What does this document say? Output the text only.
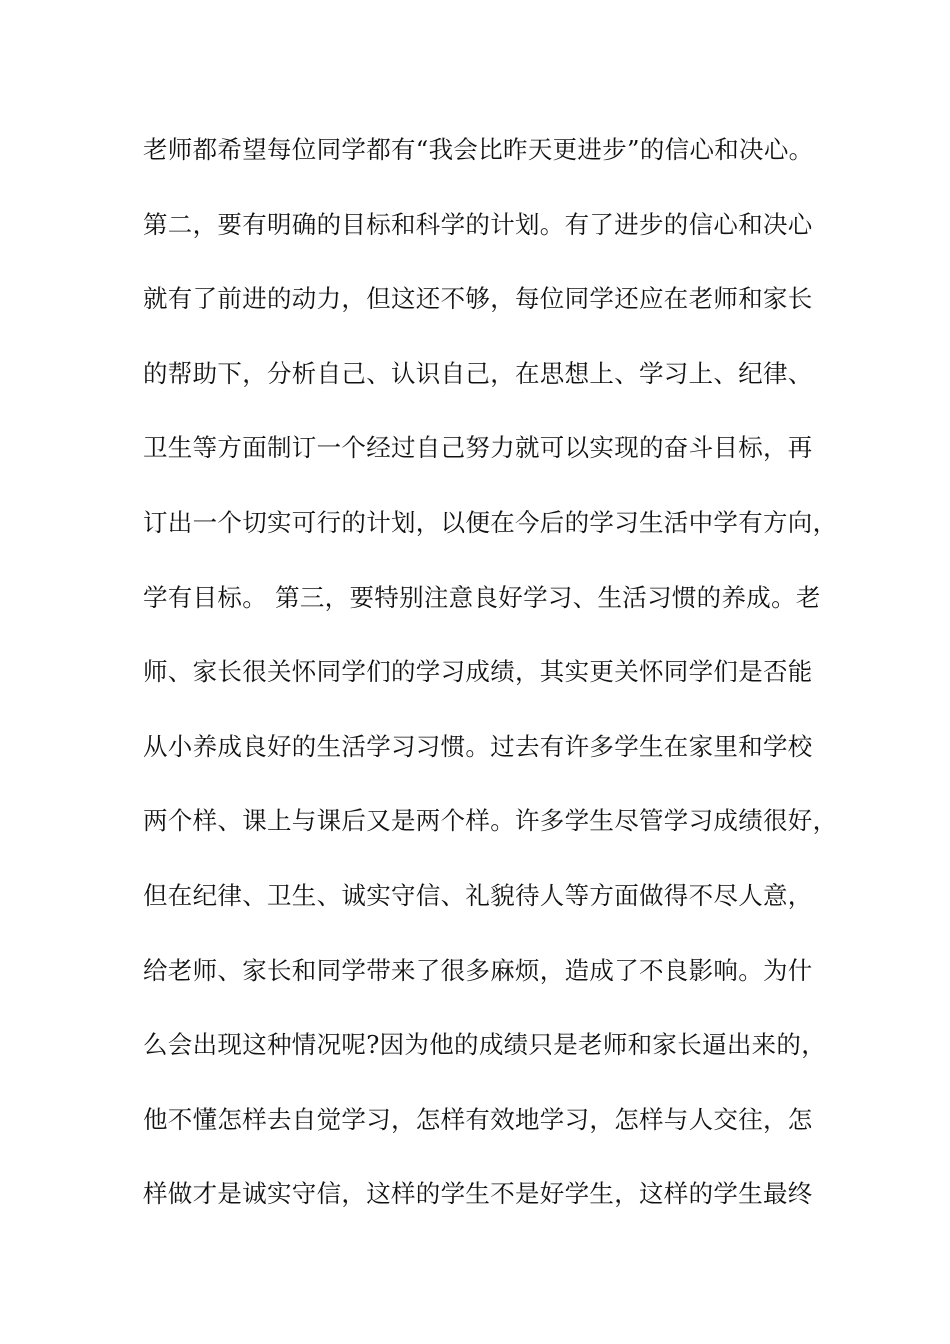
老师都希望每位同学都有“我会比昨天更进步”的信心和决心。
第二，要有明确的目标和科学的计划。有了进步的信心和决心
就有了前进的动力，但这还不够，每位同学还应在老师和家长
的帮助下，分析自己、认识自己，在思想上、学习上、纪律、
卫生等方面制订一个经过自己努力就可以实现的奋斗目标，再
订出一个切实可行的计划，以便在今后的学习生活中学有方向，
学有目标。 第三，要特别注意良好学习、生活习惯的养成。老
师、家长很关怀同学们的学习成绩，其实更关怀同学们是否能
从小养成良好的生活学习习惯。过去有许多学生在家里和学校
两个样、课上与课后又是两个样。许多学生尽管学习成绩很好，
但在纪律、卫生、诚实守信、礼貌待人等方面做得不尽人意，
给老师、家长和同学带来了很多麻烦，造成了不良影响。为什
么会出现这种情况呢?因为他的成绩只是老师和家长逼出来的，
他不懂怎样去自觉学习，怎样有效地学习，怎样与人交往，怎
样做才是诚实守信，这样的学生不是好学生，这样的学生最终
